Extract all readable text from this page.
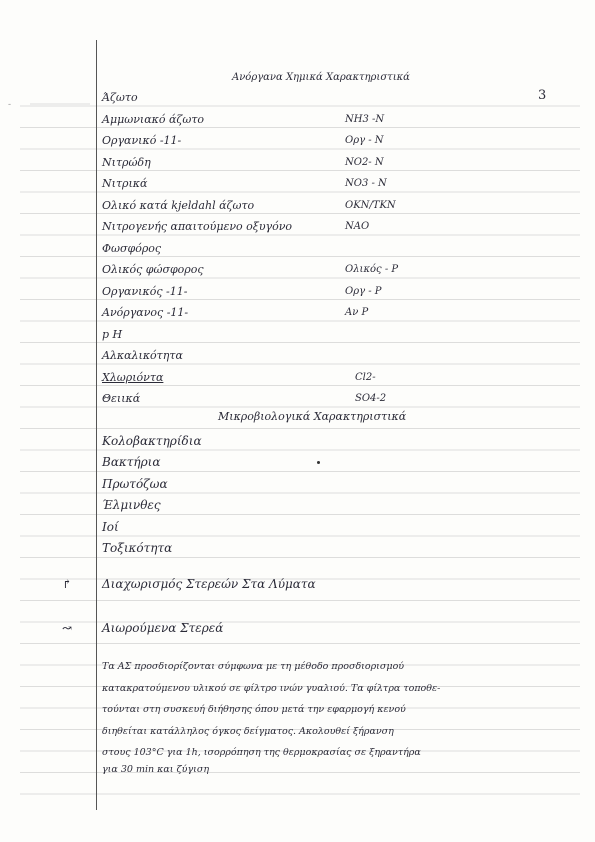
-
Ανόργανα Χημικά Χαρακτηριστικά
3
Άζωτο
Αμμωνιακό άζωτο	NH3 -N
Οργανικό -11-	Οργ - N
Νιτρώδη	NO2- N
Νιτρικά	NO3 - N
Ολικό κατά kjeldahl άζωτο	OKN/TKN
Νιτρογενής απαιτούμενο οξυγόνο	NAO
Φωσφόρος
Ολικός φώσφορος	Ολικός - P
Οργανικός -11-	Οργ - P
Ανόργανος -11-	Αν P
p H
Αλκαλικότητα
Χλωριόντα	Cl2-
Θειικά	SO4-2
Μικροβιολογικά Χαρακτηριστικά
Κολοβακτηρίδια
Βακτήρια
Πρωτόζωα
Έλμινθες
Ιοί
Τοξικότητα
↱ Διαχωρισμός Στερεών Στα Λύματα
↝ Αιωρούμενα Στερεά
Τα ΑΣ προσδιορίζονται σύμφωνα με τη μέθοδο προσδιορισμού
κατακρατούμενου υλικού σε φίλτρο ινών γυαλιού. Τα φίλτρα τοποθε-
τούνται στη συσκευή διήθησης όπου μετά την εφαρμογή κενού
διηθείται κατάλληλος όγκος δείγματος. Ακολουθεί ξήρανση
στους 103°C για 1h, ισορρόπηση της θερμοκρασίας σε ξηραντήρα
για 30 min και ζύγιση
